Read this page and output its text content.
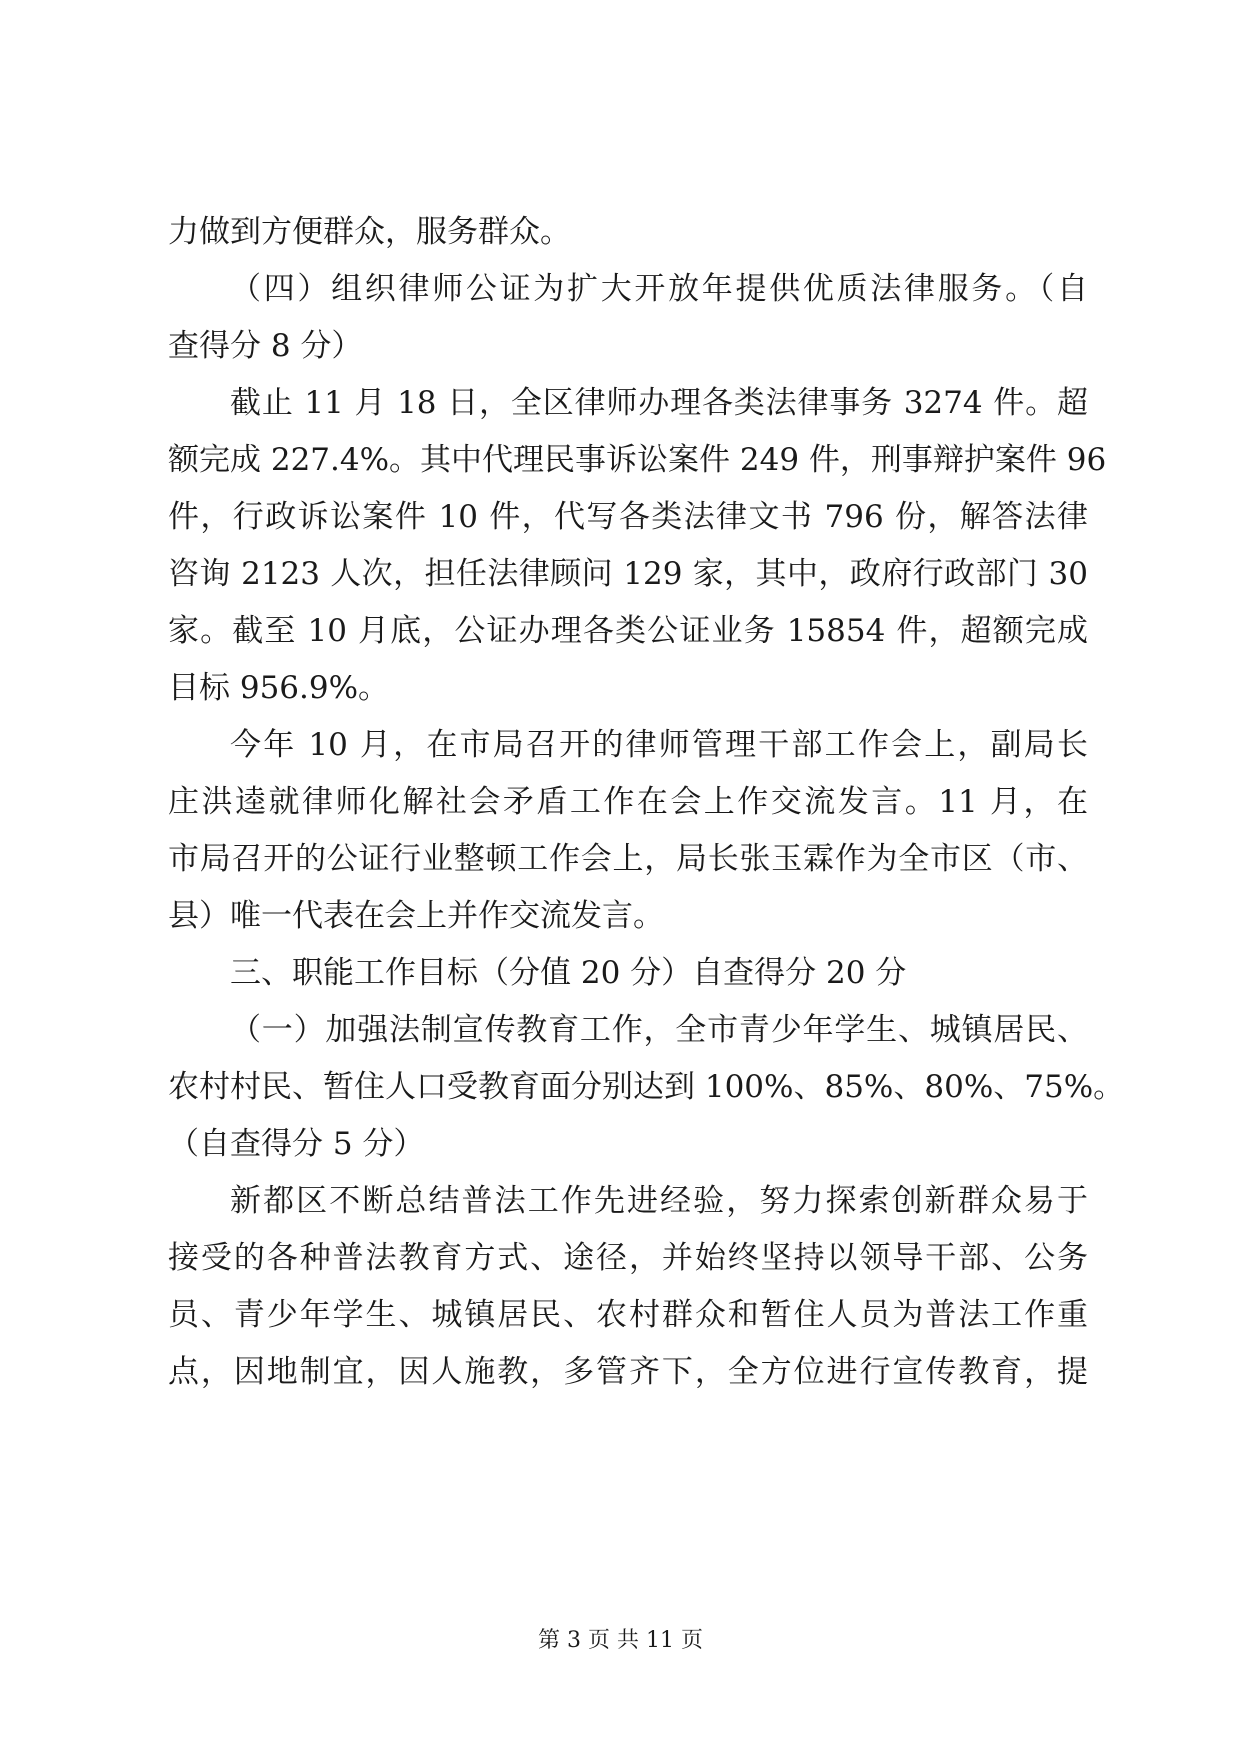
力做到方便群众，服务群众。
（四）组织律师公证为扩大开放年提供优质法律服务。（自
查得分 8 分）
截止 11 月 18 日，全区律师办理各类法律事务 3274 件。超
额完成 227.4%。其中代理民事诉讼案件 249 件，刑事辩护案件 96
件，行政诉讼案件 10 件，代写各类法律文书 796 份，解答法律
咨询 2123 人次，担任法律顾问 129 家，其中，政府行政部门 30
家。截至 10 月底，公证办理各类公证业务 15854 件，超额完成
目标 956.9%。
今年 10 月，在市局召开的律师管理干部工作会上，副局长
庄洪逵就律师化解社会矛盾工作在会上作交流发言。11 月，在
市局召开的公证行业整顿工作会上，局长张玉霖作为全市区（市、
县）唯一代表在会上并作交流发言。
三、职能工作目标（分值 20 分）自查得分 20 分
（一）加强法制宣传教育工作，全市青少年学生、城镇居民、
农村村民、暂住人口受教育面分别达到 100%、85%、80%、75%。
（自查得分 5 分）
新都区不断总结普法工作先进经验，努力探索创新群众易于
接受的各种普法教育方式、途径，并始终坚持以领导干部、公务
员、青少年学生、城镇居民、农村群众和暂住人员为普法工作重
点，因地制宜，因人施教，多管齐下，全方位进行宣传教育，提
第 3 页 共 11 页
